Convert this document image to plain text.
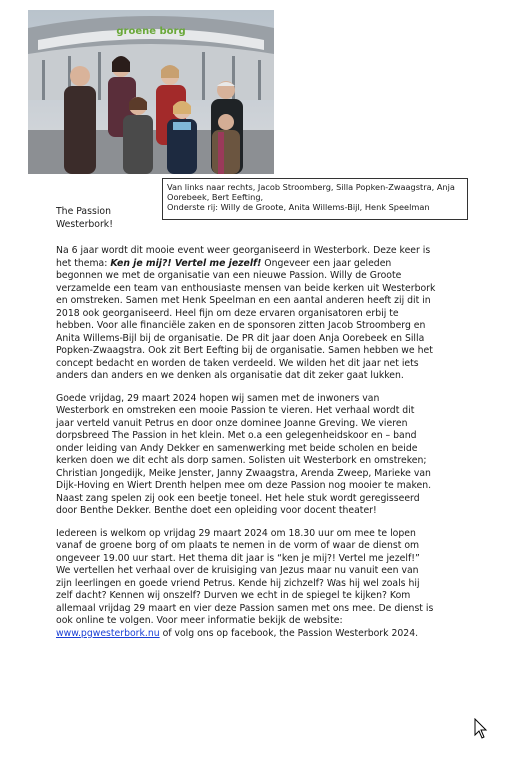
groene borg
Van links naar rechts, Jacob Stroomberg, Silla Popken-Zwaagstra, Anja
Oorebeek, Bert Eefting,
Onderste rij: Willy de Groote, Anita Willems-Bijl, Henk Speelman
The Passion
Westerbork!

Na 6 jaar wordt dit mooie event weer georganiseerd in Westerbork. Deze keer is
het thema: Ken je mij?! Vertel me jezelf! Ongeveer een jaar geleden
begonnen we met de organisatie van een nieuwe Passion. Willy de Groote
verzamelde een team van enthousiaste mensen van beide kerken uit Westerbork
en omstreken. Samen met Henk Speelman en een aantal anderen heeft zij dit in
2018 ook georganiseerd. Heel fijn om deze ervaren organisatoren erbij te
hebben. Voor alle financiële zaken en de sponsoren zitten Jacob Stroomberg en
Anita Willems-Bijl bij de organisatie. De PR dit jaar doen Anja Oorebeek en Silla
Popken-Zwaagstra. Ook zit Bert Eefting bij de organisatie. Samen hebben we het
concept bedacht en worden de taken verdeeld. We wilden het dit jaar net iets
anders dan anders en we denken als organisatie dat dit zeker gaat lukken.

Goede vrijdag, 29 maart 2024 hopen wij samen met de inwoners van
Westerbork en omstreken een mooie Passion te vieren. Het verhaal wordt dit
jaar verteld vanuit Petrus en door onze dominee Joanne Greving. We vieren
dorpsbreed The Passion in het klein. Met o.a een gelegenheidskoor en – band
onder leiding van Andy Dekker en samenwerking met beide scholen en beide
kerken doen we dit echt als dorp samen. Solisten uit Westerbork en omstreken;
Christian Jongedijk, Meike Jenster, Janny Zwaagstra, Arenda Zweep, Marieke van
Dijk-Hoving en Wiert Drenth helpen mee om deze Passion nog mooier te maken.
Naast zang spelen zij ook een beetje toneel. Het hele stuk wordt geregisseerd
door Benthe Dekker. Benthe doet een opleiding voor docent theater!

Iedereen is welkom op vrijdag 29 maart 2024 om 18.30 uur om mee te lopen
vanaf de groene borg of om plaats te nemen in de vorm of waar de dienst om
ongeveer 19.00 uur start. Het thema dit jaar is “ken je mij?! Vertel me jezelf!”
We vertellen het verhaal over de kruisiging van Jezus maar nu vanuit een van
zijn leerlingen en goede vriend Petrus. Kende hij zichzelf? Was hij wel zoals hij
zelf dacht? Kennen wij onszelf? Durven we echt in de spiegel te kijken? Kom
allemaal vrijdag 29 maart en vier deze Passion samen met ons mee. De dienst is
ook online te volgen. Voor meer informatie bekijk de website:
www.pgwesterbork.nu of volg ons op facebook, the Passion Westerbork 2024.
